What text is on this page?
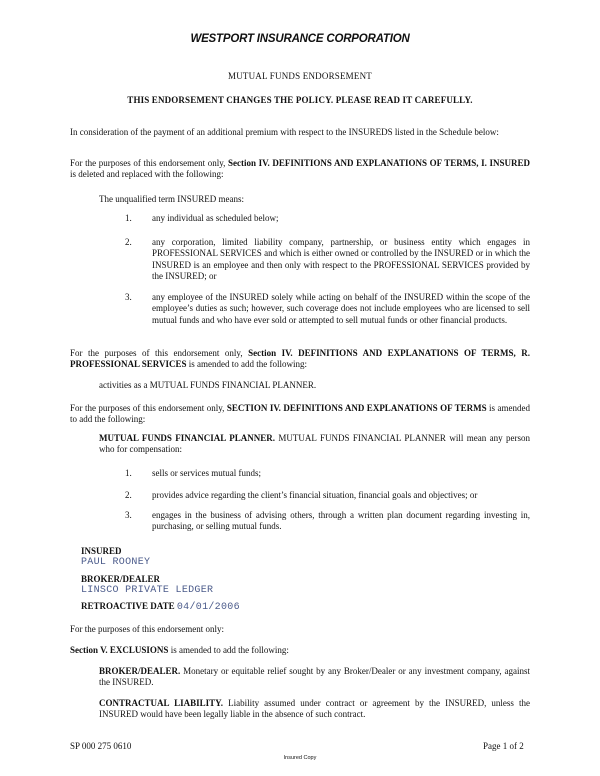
WESTPORT INSURANCE CORPORATION
MUTUAL FUNDS ENDORSEMENT
THIS ENDORSEMENT CHANGES THE POLICY. PLEASE READ IT CAREFULLY.

In consideration of the payment of an additional premium with respect to the INSUREDS listed in the Schedule below:

For the purposes of this endorsement only, Section IV. DEFINITIONS AND EXPLANATIONS OF TERMS, I. INSURED is deleted and replaced with the following:

The unqualified term INSURED means:

1.	any individual as scheduled below;
2.	any corporation, limited liability company, partnership, or business entity which engages in PROFESSIONAL SERVICES and which is either owned or controlled by the INSURED or in which the INSURED is an employee and then only with respect to the PROFESSIONAL SERVICES provided by the INSURED; or
3.	any employee of the INSURED solely while acting on behalf of the INSURED within the scope of the employee’s duties as such; however, such coverage does not include employees who are licensed to sell mutual funds and who have ever sold or attempted to sell mutual funds or other financial products.

For the purposes of this endorsement only, Section IV. DEFINITIONS AND EXPLANATIONS OF TERMS, R. PROFESSIONAL SERVICES is amended to add the following:

activities as a MUTUAL FUNDS FINANCIAL PLANNER.

For the purposes of this endorsement only, SECTION IV. DEFINITIONS AND EXPLANATIONS OF TERMS is amended to add the following:

MUTUAL FUNDS FINANCIAL PLANNER. MUTUAL FUNDS FINANCIAL PLANNER will mean any person who for compensation:

1.	sells or services mutual funds;
2.	provides advice regarding the client’s financial situation, financial goals and objectives; or
3.	engages in the business of advising others, through a written plan document regarding investing in, purchasing, or selling mutual funds.
INSURED
PAUL ROONEY
BROKER/DEALER
LINSCO PRIVATE LEDGER
RETROACTIVE DATE 04/01/2006

For the purposes of this endorsement only:

Section V. EXCLUSIONS is amended to add the following:

BROKER/DEALER. Monetary or equitable relief sought by any Broker/Dealer or any investment company, against the INSURED.

CONTRACTUAL LIABILITY. Liability assumed under contract or agreement by the INSURED, unless the INSURED would have been legally liable in the absence of such contract.

SP 000 275 0610	Page 1 of 2
Insured Copy
